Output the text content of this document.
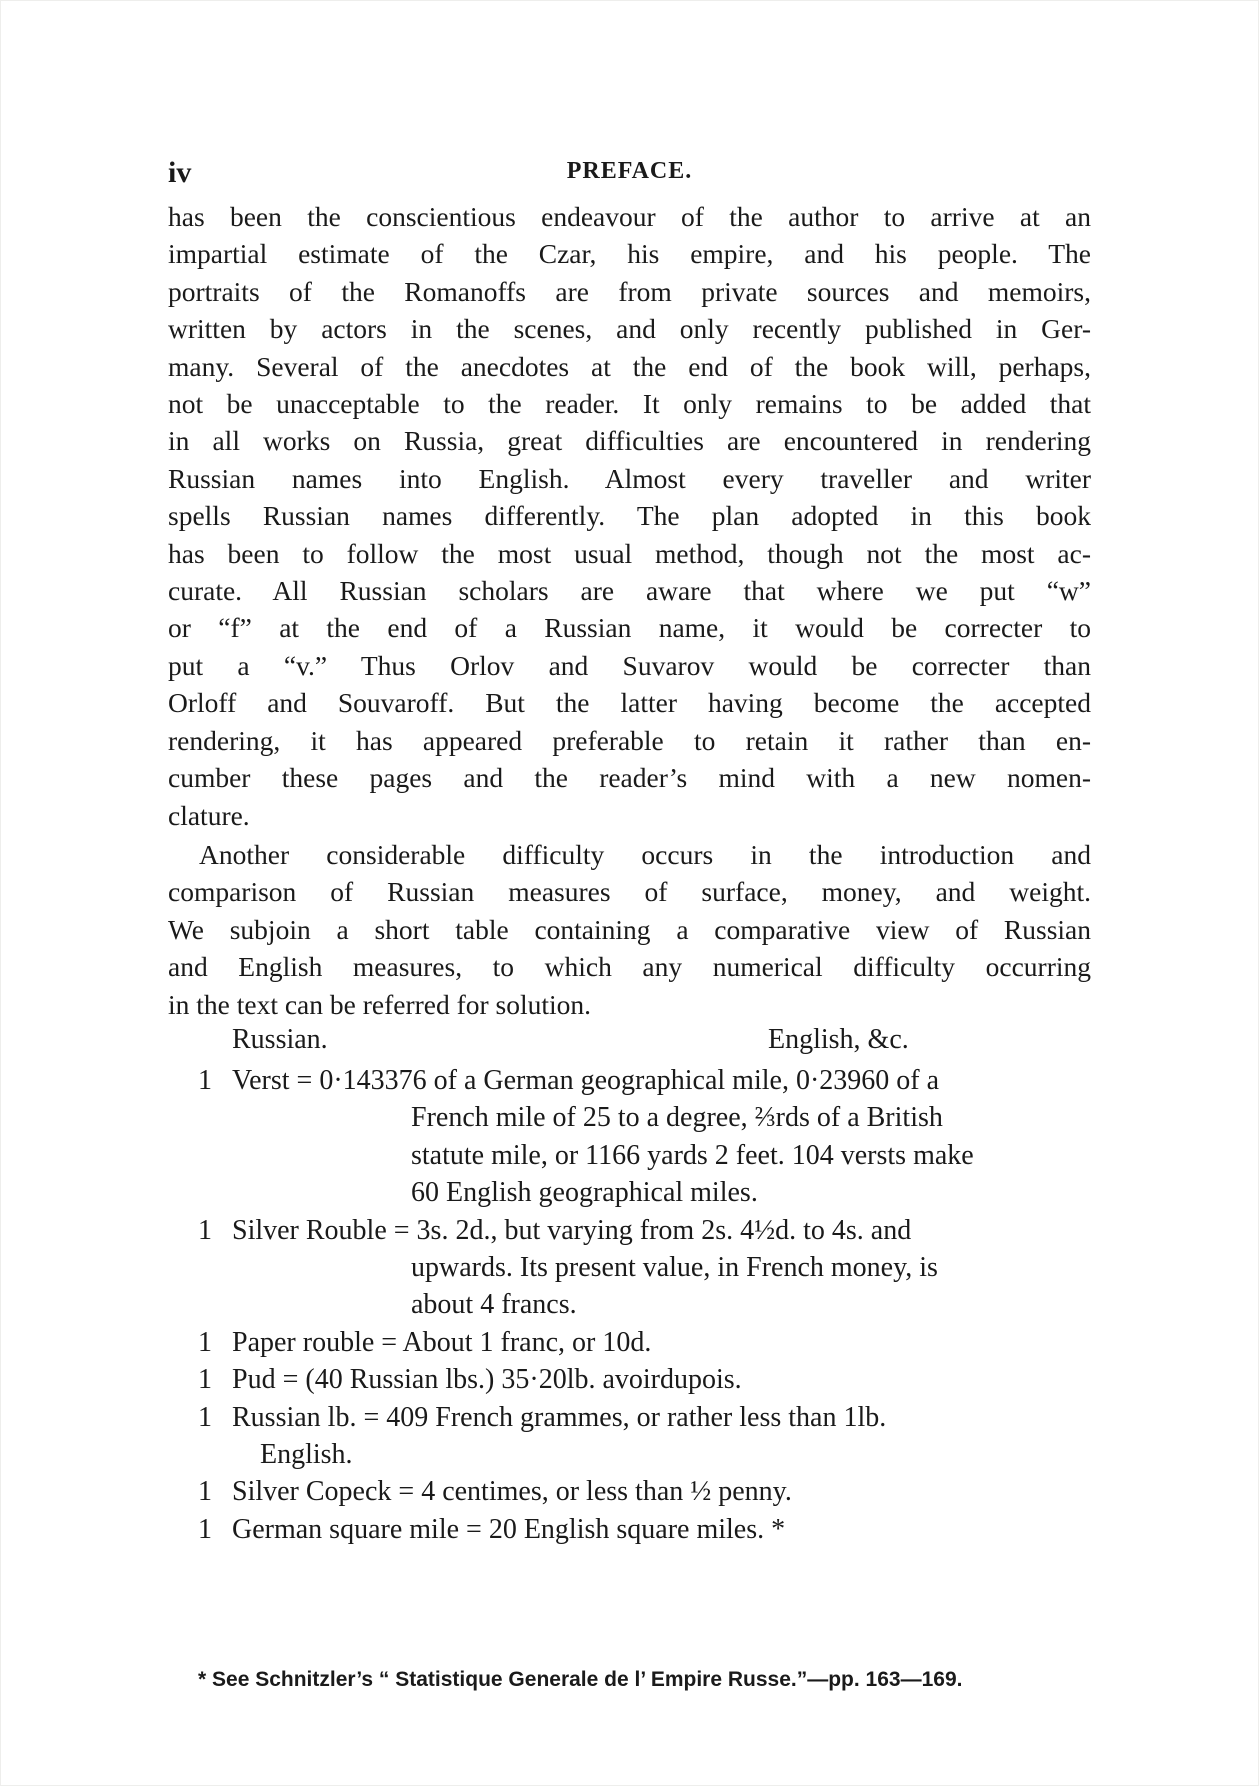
iv	PREFACE.

has been the conscientious endeavour of the author to arrive at an

impartial estimate of the Czar, his empire, and his people. The

portraits of the Romanoffs are from private sources and memoirs,

written by actors in the scenes, and only recently published in Ger-

many. Several of the anecdotes at the end of the book will, perhaps,

not be unacceptable to the reader. It only remains to be added that

in all works on Russia, great difficulties are encountered in rendering

Russian names into English. Almost every traveller and writer

spells Russian names differently. The plan adopted in this book

has been to follow the most usual method, though not the most ac-

curate. All Russian scholars are aware that where we put “w”

or “f” at the end of a Russian name, it would be correcter to

put a “v.” Thus Orlov and Suvarov would be correcter than

Orloff and Souvaroff. But the latter having become the accepted

rendering, it has appeared preferable to retain it rather than en-

cumber these pages and the reader’s mind with a new nomen-

clature.

Another considerable difficulty occurs in the introduction and

comparison of Russian measures of surface, money, and weight.

We subjoin a short table containing a comparative view of Russian

and English measures, to which any numerical difficulty occurring

in the text can be referred for solution.

Russian.	English, &c.
1 Verst = 0·143376 of a German geographical mile, 0·23960 of a

French mile of 25 to a degree, ⅔rds of a British

statute mile, or 1166 yards 2 feet. 104 versts make

60 English geographical miles.

1 Silver Rouble = 3s. 2d., but varying from 2s. 4½d. to 4s. and

upwards. Its present value, in French money, is

about 4 francs.

1 Paper rouble = About 1 franc, or 10d.

1 Pud = (40 Russian lbs.) 35·20lb. avoirdupois.

1 Russian lb. = 409 French grammes, or rather less than 1lb.

English.

1 Silver Copeck = 4 centimes, or less than ½ penny.

1 German square mile = 20 English square miles. *

* See Schnitzler’s “ Statistique Generale de l’ Empire Russe.”—pp. 163—169.
